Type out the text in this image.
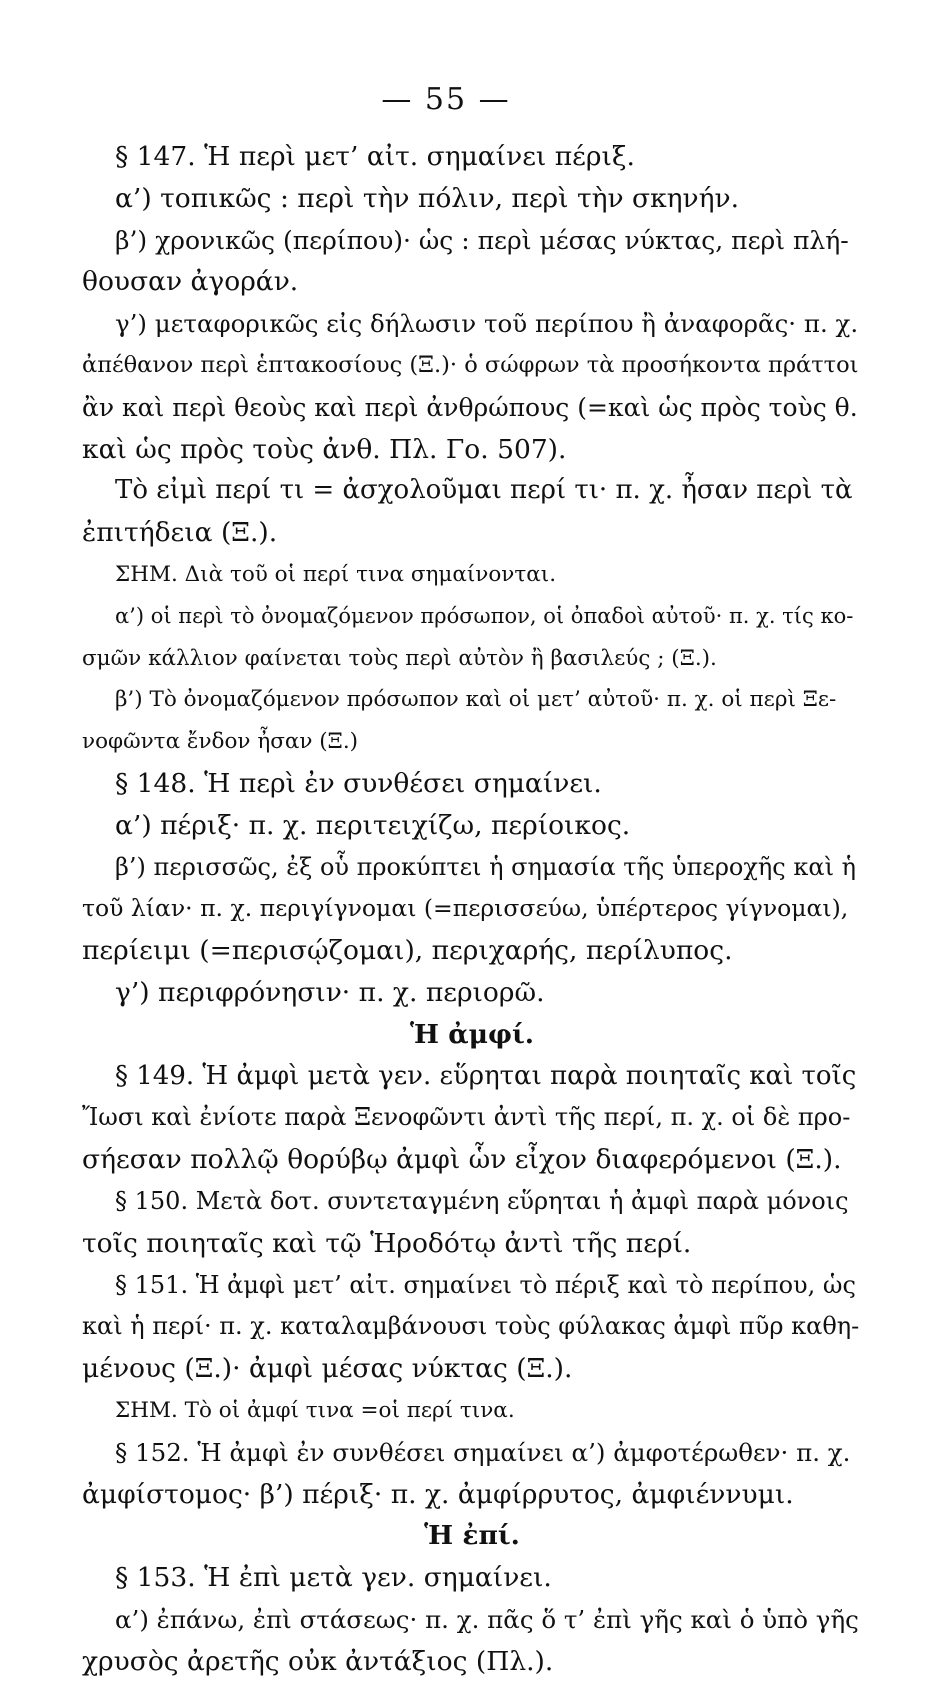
— 55 —
§ 147. Ἡ περὶ μετ’ αἰτ. σημαίνει πέριξ.
α’) τοπικῶς : περὶ τὴν πόλιν, περὶ τὴν σκηνήν.
β’) χρονικῶς (περίπου)· ὡς : περὶ μέσας νύκτας, περὶ πλή-
θουσαν ἀγοράν.
γ’) μεταφορικῶς εἰς δήλωσιν τοῦ περίπου ἢ ἀναφορᾶς· π. χ.
ἀπέθανον περὶ ἑπτακοσίους (Ξ.)· ὁ σώφρων τὰ προσήκοντα πράττοι
ἂν καὶ περὶ θεοὺς καὶ περὶ ἀνθρώπους (=καὶ ὡς πρὸς τοὺς θ.
καὶ ὡς πρὸς τοὺς ἀνθ. Πλ. Γο. 507).
Τὸ εἰμὶ περί τι = ἀσχολοῦμαι περί τι· π. χ. ἦσαν περὶ τὰ
ἐπιτήδεια (Ξ.).
ΣΗΜ. Διὰ τοῦ οἱ περί τινα σημαίνονται.
α’) οἱ περὶ τὸ ὀνομαζόμενον πρόσωπον, οἱ ὀπαδοὶ αὐτοῦ· π. χ. τίς κο-
σμῶν κάλλιον φαίνεται τοὺς περὶ αὐτὸν ἢ βασιλεύς ; (Ξ.).
β’) Τὸ ὀνομαζόμενον πρόσωπον καὶ οἱ μετ’ αὐτοῦ· π. χ. οἱ περὶ Ξε-
νοφῶντα ἔνδον ἦσαν (Ξ.)
§ 148. Ἡ περὶ ἐν συνθέσει σημαίνει.
α’) πέριξ· π. χ. περιτειχίζω, περίοικος.
β’) περισσῶς, ἐξ οὗ προκύπτει ἡ σημασία τῆς ὑπεροχῆς καὶ ἡ
τοῦ λίαν· π. χ. περιγίγνομαι (=περισσεύω, ὑπέρτερος γίγνομαι),
περίειμι (=περισῴζομαι), περιχαρής, περίλυπος.
γ’) περιφρόνησιν· π. χ. περιορῶ.
Ἡ ἀμφί.
§ 149. Ἡ ἀμφὶ μετὰ γεν. εὕρηται παρὰ ποιηταῖς καὶ τοῖς
Ἴωσι καὶ ἐνίοτε παρὰ Ξενοφῶντι ἀντὶ τῆς περί, π. χ. οἱ δὲ προ-
σήεσαν πολλῷ θορύβῳ ἀμφὶ ὧν εἶχον διαφερόμενοι (Ξ.).
§ 150. Μετὰ δοτ. συντεταγμένη εὕρηται ἡ ἀμφὶ παρὰ μόνοις
τοῖς ποιηταῖς καὶ τῷ Ἡροδότῳ ἀντὶ τῆς περί.
§ 151. Ἡ ἀμφὶ μετ’ αἰτ. σημαίνει τὸ πέριξ καὶ τὸ περίπου, ὡς
καὶ ἡ περί· π. χ. καταλαμβάνουσι τοὺς φύλακας ἀμφὶ πῦρ καθη-
μένους (Ξ.)· ἀμφὶ μέσας νύκτας (Ξ.).
ΣΗΜ. Τὸ οἱ ἀμφί τινα =οἱ περί τινα.
§ 152. Ἡ ἀμφὶ ἐν συνθέσει σημαίνει α’) ἀμφοτέρωθεν· π. χ.
ἀμφίστομος· β’) πέριξ· π. χ. ἀμφίρρυτος, ἀμφιέννυμι.
Ἡ ἐπί.
§ 153. Ἡ ἐπὶ μετὰ γεν. σημαίνει.
α’) ἐπάνω, ἐπὶ στάσεως· π. χ. πᾶς ὅ τ’ ἐπὶ γῆς καὶ ὁ ὑπὸ γῆς
χρυσὸς ἀρετῆς οὐκ ἀντάξιος (Πλ.).
